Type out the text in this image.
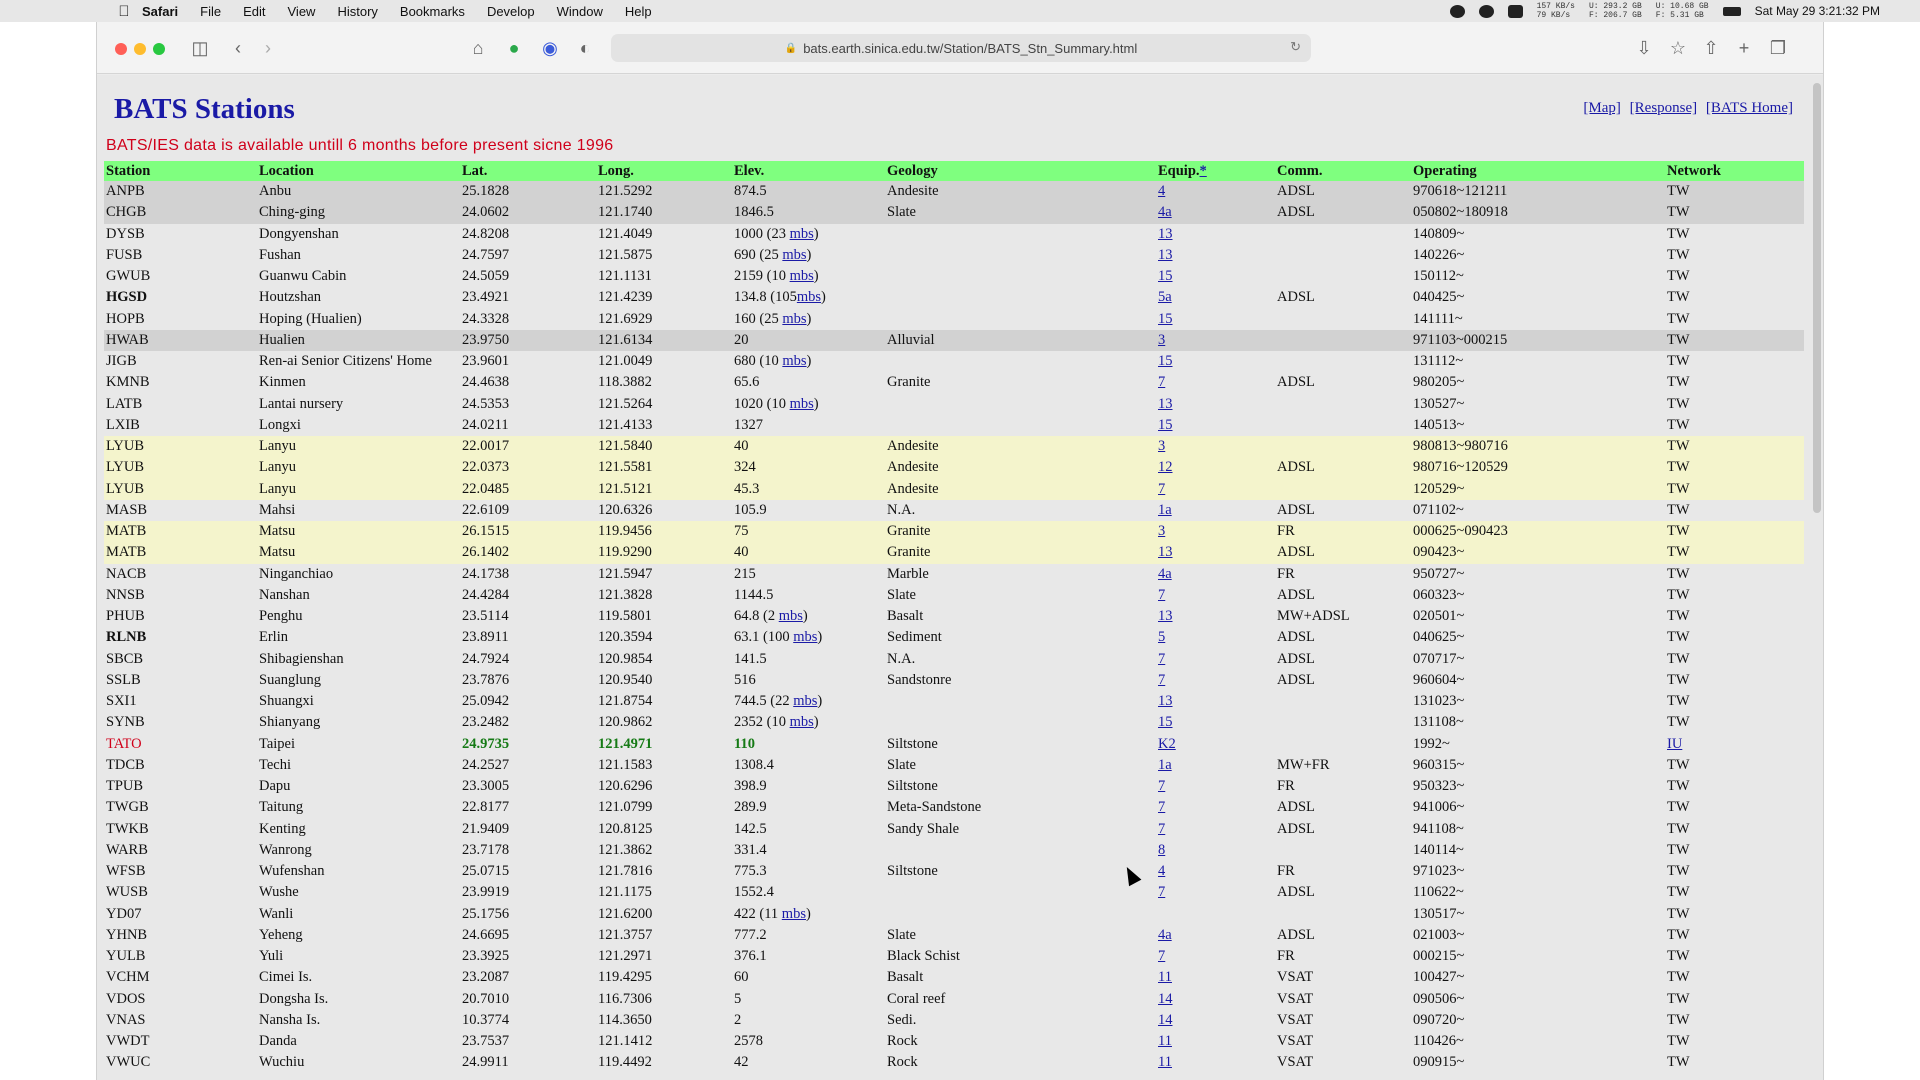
Safari File Edit View History Bookmarks Develop Window Help	157 KB/s
79 KB/s
U: 293.2 GB
F: 206.7 GB
U: 10.68 GB
F: 5.31 GB	Sat May 29 3:21:32 PM
◫	‹	›	⌂	●	◉	◐	🔒 bats.earth.sinica.edu.tw/Station/BATS_Stn_Summary.html	↻	⇩ ☆ ⇧	+	❐
BATS Stations	[Map] [Response] [BATS Home]
BATS/IES data is available untill 6 months before present sicne 1996
Station	Location	Lat.	Long.	Elev.	Geology	Equip.*	Comm.	Operating	Network
ANPB	Anbu	25.1828	121.5292	874.5	Andesite	4	ADSL	970618~121211	TW
CHGB	Ching-ging	24.0602	121.1740	1846.5	Slate	4a	ADSL	050802~180918	TW
DYSB	Dongyenshan	24.8208	121.4049	1000 (23 mbs)		13		140809~	TW
FUSB	Fushan	24.7597	121.5875	690 (25 mbs)		13		140226~	TW
GWUB	Guanwu Cabin	24.5059	121.1131	2159 (10 mbs)		15		150112~	TW
HGSD	Houtzshan	23.4921	121.4239	134.8 (105mbs)		5a	ADSL	040425~	TW
HOPB	Hoping (Hualien)	24.3328	121.6929	160 (25 mbs)		15		141111~	TW
HWAB	Hualien	23.9750	121.6134	20	Alluvial	3		971103~000215	TW
JIGB	Ren-ai Senior Citizens' Home	23.9601	121.0049	680 (10 mbs)		15		131112~	TW
KMNB	Kinmen	24.4638	118.3882	65.6	Granite	7	ADSL	980205~	TW
LATB	Lantai nursery	24.5353	121.5264	1020 (10 mbs)		13		130527~	TW
LXIB	Longxi	24.0211	121.4133	1327		15		140513~	TW
LYUB	Lanyu	22.0017	121.5840	40	Andesite	3		980813~980716	TW
LYUB	Lanyu	22.0373	121.5581	324	Andesite	12	ADSL	980716~120529	TW
LYUB	Lanyu	22.0485	121.5121	45.3	Andesite	7		120529~	TW
MASB	Mahsi	22.6109	120.6326	105.9	N.A.	1a	ADSL	071102~	TW
MATB	Matsu	26.1515	119.9456	75	Granite	3	FR	000625~090423	TW
MATB	Matsu	26.1402	119.9290	40	Granite	13	ADSL	090423~	TW
NACB	Ninganchiao	24.1738	121.5947	215	Marble	4a	FR	950727~	TW
NNSB	Nanshan	24.4284	121.3828	1144.5	Slate	7	ADSL	060323~	TW
PHUB	Penghu	23.5114	119.5801	64.8 (2 mbs)	Basalt	13	MW+ADSL	020501~	TW
RLNB	Erlin	23.8911	120.3594	63.1 (100 mbs)	Sediment	5	ADSL	040625~	TW
SBCB	Shibagienshan	24.7924	120.9854	141.5	N.A.	7	ADSL	070717~	TW
SSLB	Suanglung	23.7876	120.9540	516	Sandstonre	7	ADSL	960604~	TW
SXI1	Shuangxi	25.0942	121.8754	744.5 (22 mbs)		13		131023~	TW
SYNB	Shianyang	23.2482	120.9862	2352 (10 mbs)		15		131108~	TW
TATO	Taipei	24.9735	121.4971	110	Siltstone	K2		1992~	IU
TDCB	Techi	24.2527	121.1583	1308.4	Slate	1a	MW+FR	960315~	TW
TPUB	Dapu	23.3005	120.6296	398.9	Siltstone	7	FR	950323~	TW
TWGB	Taitung	22.8177	121.0799	289.9	Meta-Sandstone	7	ADSL	941006~	TW
TWKB	Kenting	21.9409	120.8125	142.5	Sandy Shale	7	ADSL	941108~	TW
WARB	Wanrong	23.7178	121.3862	331.4		8		140114~	TW
WFSB	Wufenshan	25.0715	121.7816	775.3	Siltstone	4	FR	971023~	TW
WUSB	Wushe	23.9919	121.1175	1552.4		7	ADSL	110622~	TW
YD07	Wanli	25.1756	121.6200	422 (11 mbs)				130517~	TW
YHNB	Yeheng	24.6695	121.3757	777.2	Slate	4a	ADSL	021003~	TW
YULB	Yuli	23.3925	121.2971	376.1	Black Schist	7	FR	000215~	TW
VCHM	Cimei Is.	23.2087	119.4295	60	Basalt	11	VSAT	100427~	TW
VDOS	Dongsha Is.	20.7010	116.7306	5	Coral reef	14	VSAT	090506~	TW
VNAS	Nansha Is.	10.3774	114.3650	2	Sedi.	14	VSAT	090720~	TW
VWDT	Danda	23.7537	121.1412	2578	Rock	11	VSAT	110426~	TW
VWUC	Wuchiu	24.9911	119.4492	42	Rock	11	VSAT	090915~	TW
